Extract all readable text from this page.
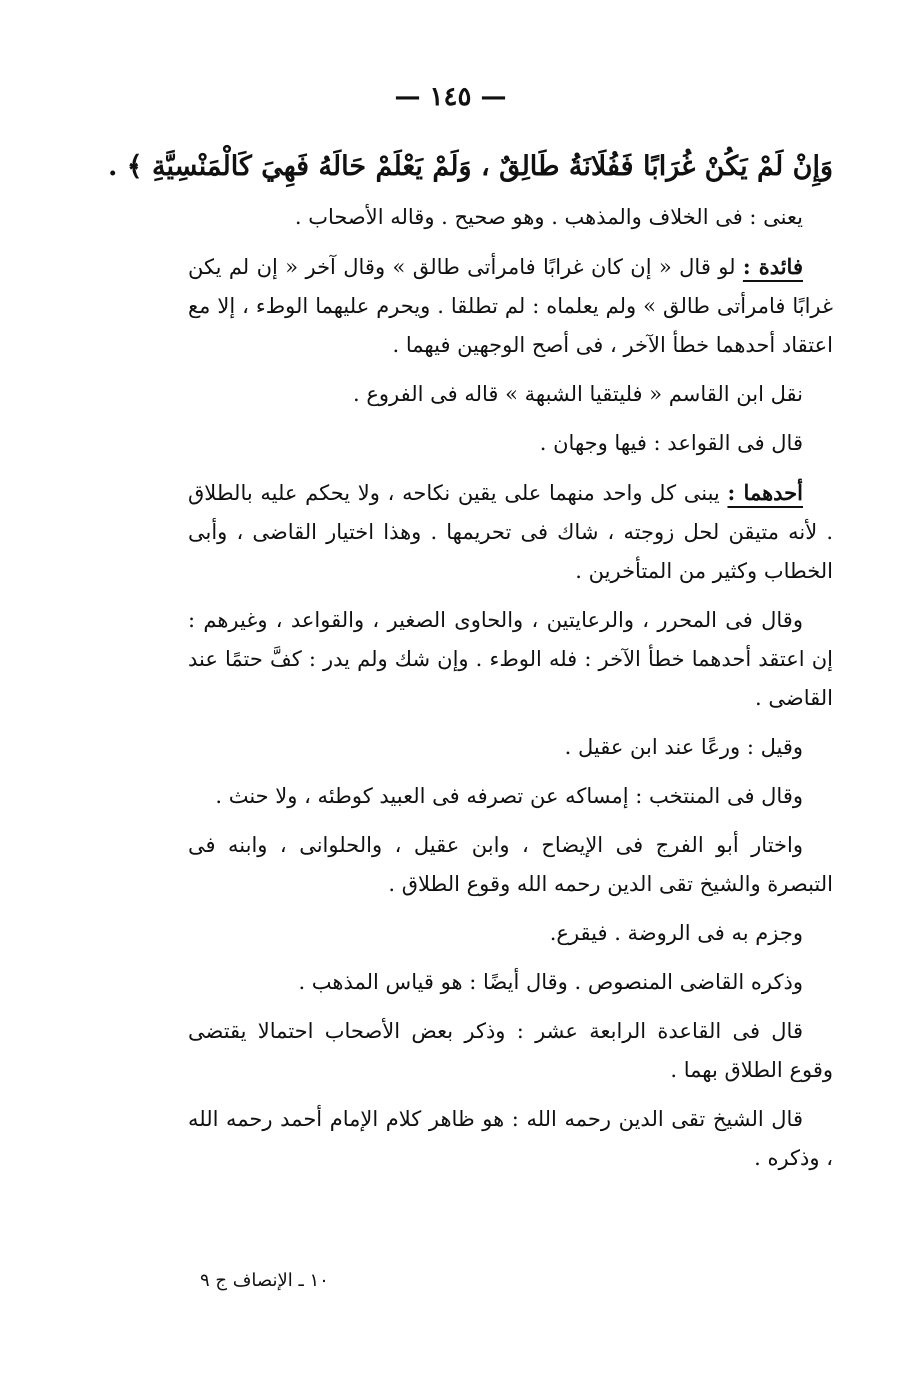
— ١٤٥ —
وَإِنْ لَمْ يَكُنْ غُرَابًا فَفُلَانَةُ طَالِقٌ ، وَلَمْ يَعْلَمْ حَالَهُ فَهِيَ كَالْمَنْسِيَّةِ ﴾ .

يعنى : فى الخلاف والمذهب . وهو صحيح . وقاله الأصحاب .

فائدة : لو قال « إن كان غرابًا فامرأتى طالق » وقال آخر « إن لم يكن غرابًا فامرأتى طالق » ولم يعلماه : لم تطلقا . ويحرم عليهما الوطء ، إلا مع اعتقاد أحدهما خطأ الآخر ، فى أصح الوجهين فيهما .

نقل ابن القاسم « فليتقيا الشبهة » قاله فى الفروع .

قال فى القواعد : فيها وجهان .

أحدهما : يبنى كل واحد منهما على يقين نكاحه ، ولا يحكم عليه بالطلاق . لأنه متيقن لحل زوجته ، شاك فى تحريمها . وهذا اختيار القاضى ، وأبى الخطاب وكثير من المتأخرين .

وقال فى المحرر ، والرعايتين ، والحاوى الصغير ، والقواعد ، وغيرهم : إن اعتقد أحدهما خطأ الآخر : فله الوطء . وإن شك ولم يدر : كفَّ حتمًا عند القاضى .

وقيل : ورعًا عند ابن عقيل .

وقال فى المنتخب : إمساكه عن تصرفه فى العبيد كوطئه ، ولا حنث .

واختار أبو الفرج فى الإيضاح ، وابن عقيل ، والحلوانى ، وابنه فى التبصرة والشيخ تقى الدين رحمه الله وقوع الطلاق .

وجزم به فى الروضة . فيقرع.

وذكره القاضى المنصوص . وقال أيضًا : هو قياس المذهب .

قال فى القاعدة الرابعة عشر : وذكر بعض الأصحاب احتمالا يقتضى وقوع الطلاق بهما .

قال الشيخ تقى الدين رحمه الله : هو ظاهر كلام الإمام أحمد رحمه الله ، وذكره .

١٠ ـ الإنصاف ج ٩
